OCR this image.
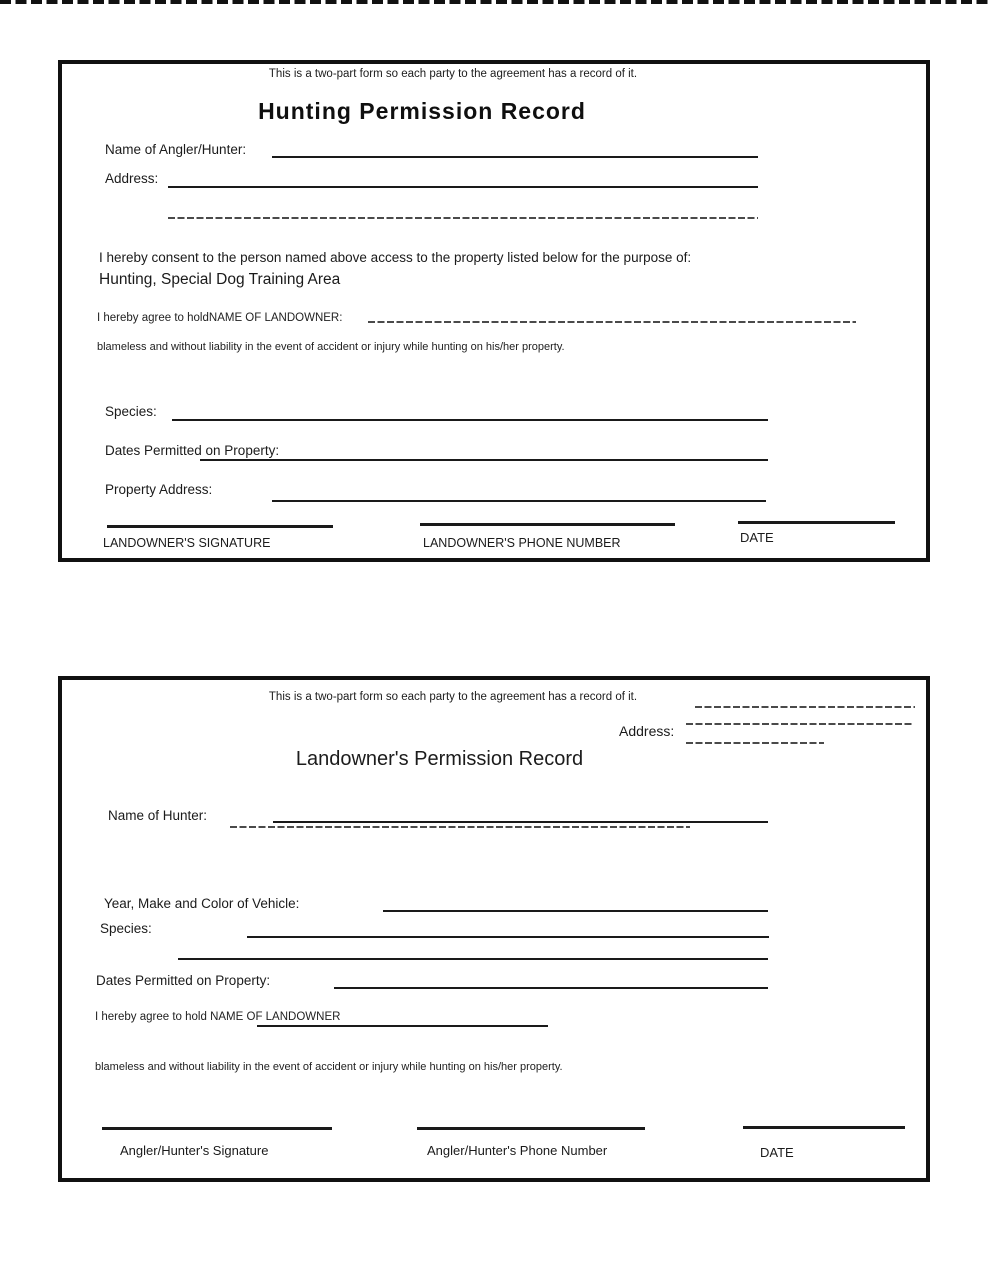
This is a two-part form so each party to the agreement has a record of it.
Hunting Permission Record
Name of Angler/Hunter:
Address:
I hereby consent to the person named above access to the property listed below for the purpose of:
Hunting, Special Dog Training Area
I hereby agree to holdNAME OF LANDOWNER:
blameless and without liability in the event of accident or injury while hunting on his/her property.
Species:
Dates Permitted on Property:
Property Address:
LANDOWNER'S SIGNATURE	LANDOWNER'S PHONE NUMBER	DATE
This is a two-part form so each party to the agreement has a record of it.
Address:
Landowner's Permission Record
Name of Hunter:
Year, Make and Color of Vehicle:
Species:
Dates Permitted on Property:
I hereby agree to hold NAME OF LANDOWNER
blameless and without liability in the event of accident or injury while hunting on his/her property.
Angler/Hunter's Signature	Angler/Hunter's Phone Number	DATE
